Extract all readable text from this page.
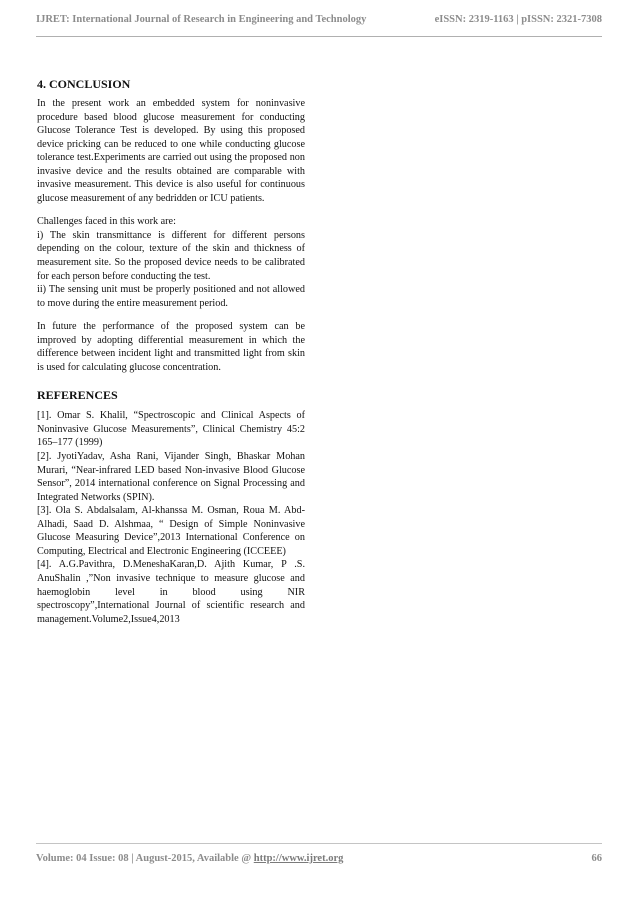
IJRET: International Journal of Research in Engineering and Technology	eISSN: 2319-1163 | pISSN: 2321-7308
4. CONCLUSION

In the present work an embedded system for noninvasive procedure based blood glucose measurement for conducting Glucose Tolerance Test is developed. By using this proposed device pricking can be reduced to one while conducting glucose tolerance test.Experiments are carried out using the proposed non invasive device and the results obtained are comparable with invasive measurement. This device is also useful for continuous glucose measurement of any bedridden or ICU patients.

Challenges faced in this work are:

i) The skin transmittance is different for different persons depending on the colour, texture of the skin and thickness of measurement site. So the proposed device needs to be calibrated for each person before conducting the test.

ii) The sensing unit must be properly positioned and not allowed to move during the entire measurement period.

In future the performance of the proposed system can be improved by adopting differential measurement in which the difference between incident light and transmitted light from skin is used for calculating glucose concentration.

REFERENCES

[1]. Omar S. Khalil, “Spectroscopic and Clinical Aspects of Noninvasive Glucose Measurements”, Clinical Chemistry 45:2 165–177 (1999)

[2]. JyotiYadav, Asha Rani, Vijander Singh, Bhaskar Mohan Murari, “Near-infrared LED based Non-invasive Blood Glucose Sensor”, 2014 international conference on Signal Processing and Integrated Networks (SPIN).

[3]. Ola S. Abdalsalam, Al-khanssa M. Osman, Roua M. Abd-Alhadi, Saad D. Alshmaa, “ Design of Simple Noninvasive Glucose Measuring Device”,2013 International Conference on Computing, Electrical and Electronic Engineering (ICCEEE)

[4]. A.G.Pavithra, D.MeneshaKaran,D. Ajith Kumar, P .S. AnuShalin ,”Non invasive technique to measure glucose and haemoglobin level in blood using NIR spectroscopy”,International Journal of scientific research and management.Volume2,Issue4,2013

Volume: 04 Issue: 08 | August-2015, Available @ http://www.ijret.org	66
